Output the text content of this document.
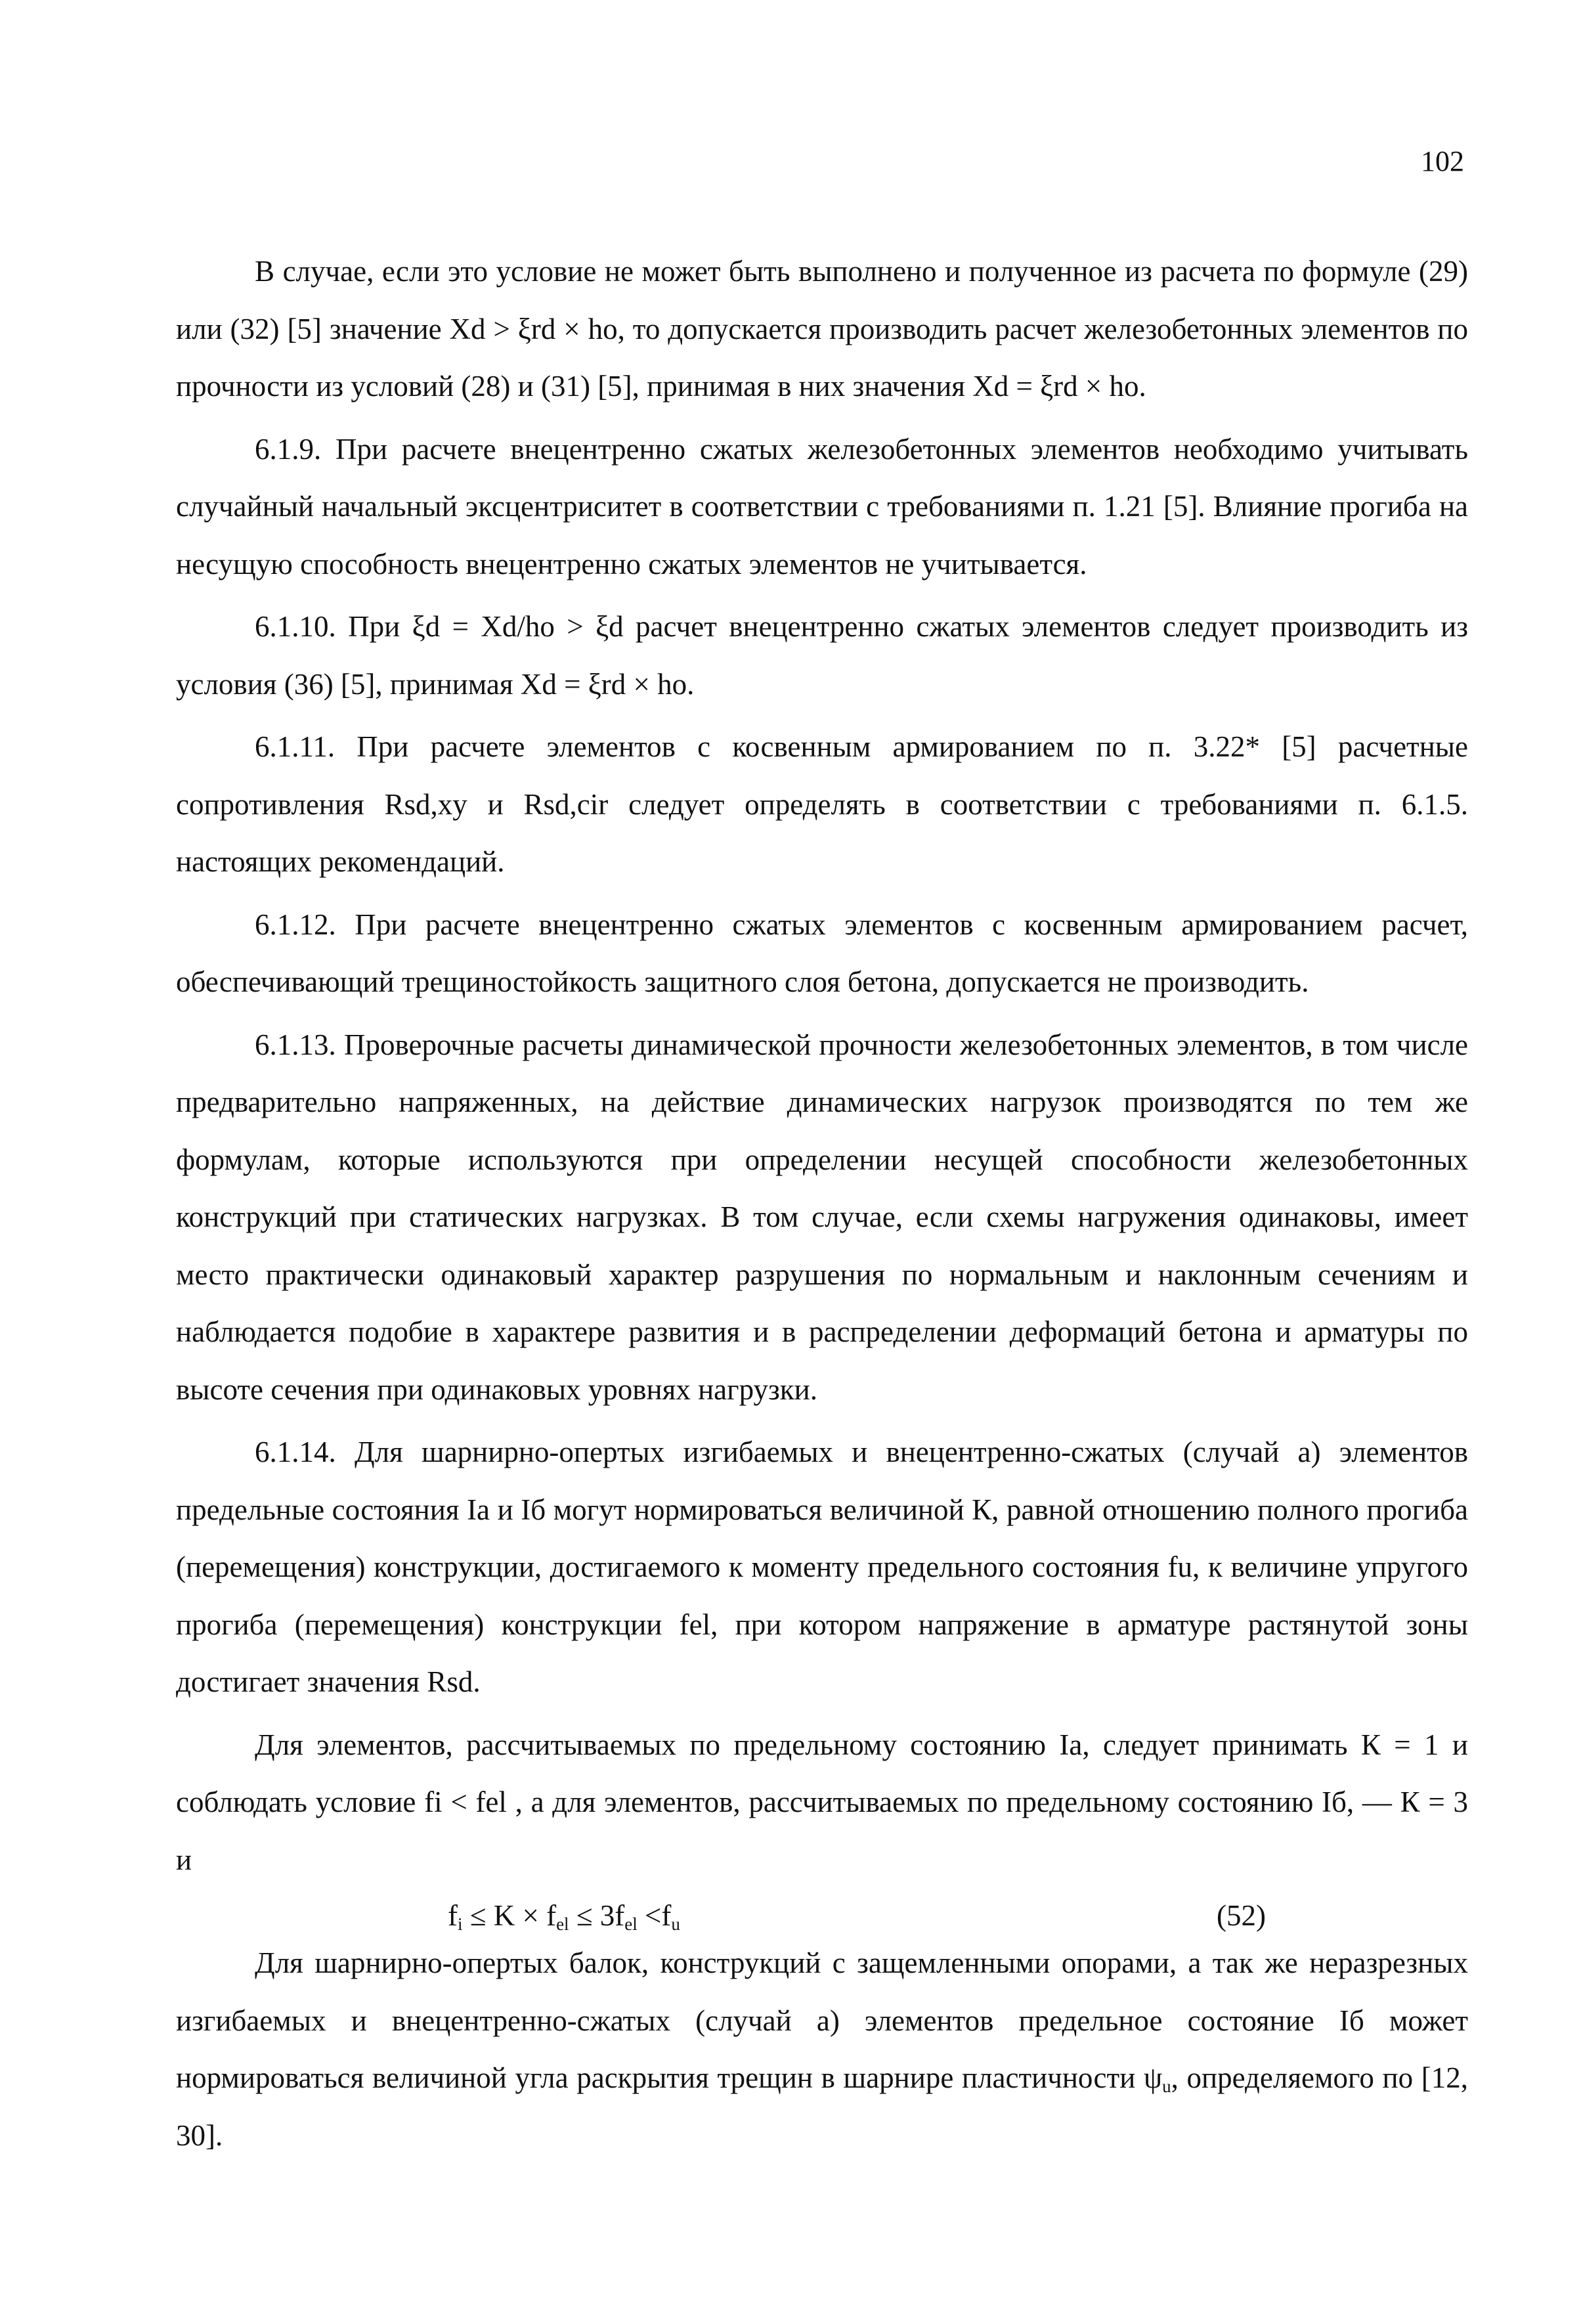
102

В случае, если это условие не может быть выполнено и полученное из расчета по формуле (29) или (32) [5] значение Xd > ξrd × ho, то допускается производить расчет железобетонных элементов по прочности из условий (28) и (31) [5], принимая в них значения Xd = ξrd × ho.

6.1.9. При расчете внецентренно сжатых железобетонных элементов необходимо учитывать случайный начальный эксцентриситет в соответствии с требованиями п. 1.21 [5]. Влияние прогиба на несущую способность внецентренно сжатых элементов не учитывается.

6.1.10. При ξd = Xd/ho > ξd расчет внецентренно сжатых элементов следует производить из условия (36) [5], принимая Xd = ξrd × ho.

6.1.11. При расчете элементов с косвенным армированием по п. 3.22* [5] расчетные сопротивления Rsd,xy и Rsd,cir следует определять в соответствии с требованиями п. 6.1.5. настоящих рекомендаций.

6.1.12. При расчете внецентренно сжатых элементов с косвенным армированием расчет, обеспечивающий трещиностойкость защитного слоя бетона, допускается не производить.

6.1.13. Проверочные расчеты динамической прочности железобетонных элементов, в том числе предварительно напряженных, на действие динамических нагрузок производятся по тем же формулам, которые используются при определении несущей способности железобетонных конструкций при статических нагрузках. В том случае, если схемы нагружения одинаковы, имеет место практически одинаковый характер разрушения по нормальным и наклонным сечениям и наблюдается подобие в характере развития и в распределении деформаций бетона и арматуры по высоте сечения при одинаковых уровнях нагрузки.

6.1.14. Для шарнирно-опертых изгибаемых и внецентренно-сжатых (случай а) элементов предельные состояния Iа и Iб могут нормироваться величиной К, равной отношению полного прогиба (перемещения) конструкции, достигаемого к моменту предельного состояния fu, к величине упругого прогиба (перемещения) конструкции fel, при котором напряжение в арматуре растянутой зоны достигает значения Rsd.

Для элементов, рассчитываемых по предельному состоянию Iа, следует принимать К = 1 и соблюдать условие fi < fel , а для элементов, рассчитываемых по предельному состоянию Iб, — К = 3 и

$f_i \le K \times f_{el} \le 3f_{el} <f_u$	(52)

Для шарнирно-опертых балок, конструкций с защемленными опорами, а так же неразрезных изгибаемых и внецентренно-сжатых (случай а) элементов предельное состояние Iб может нормироваться величиной угла раскрытия трещин в шарнире пластичности $\psi_u$, определяемого по [12, 30].
